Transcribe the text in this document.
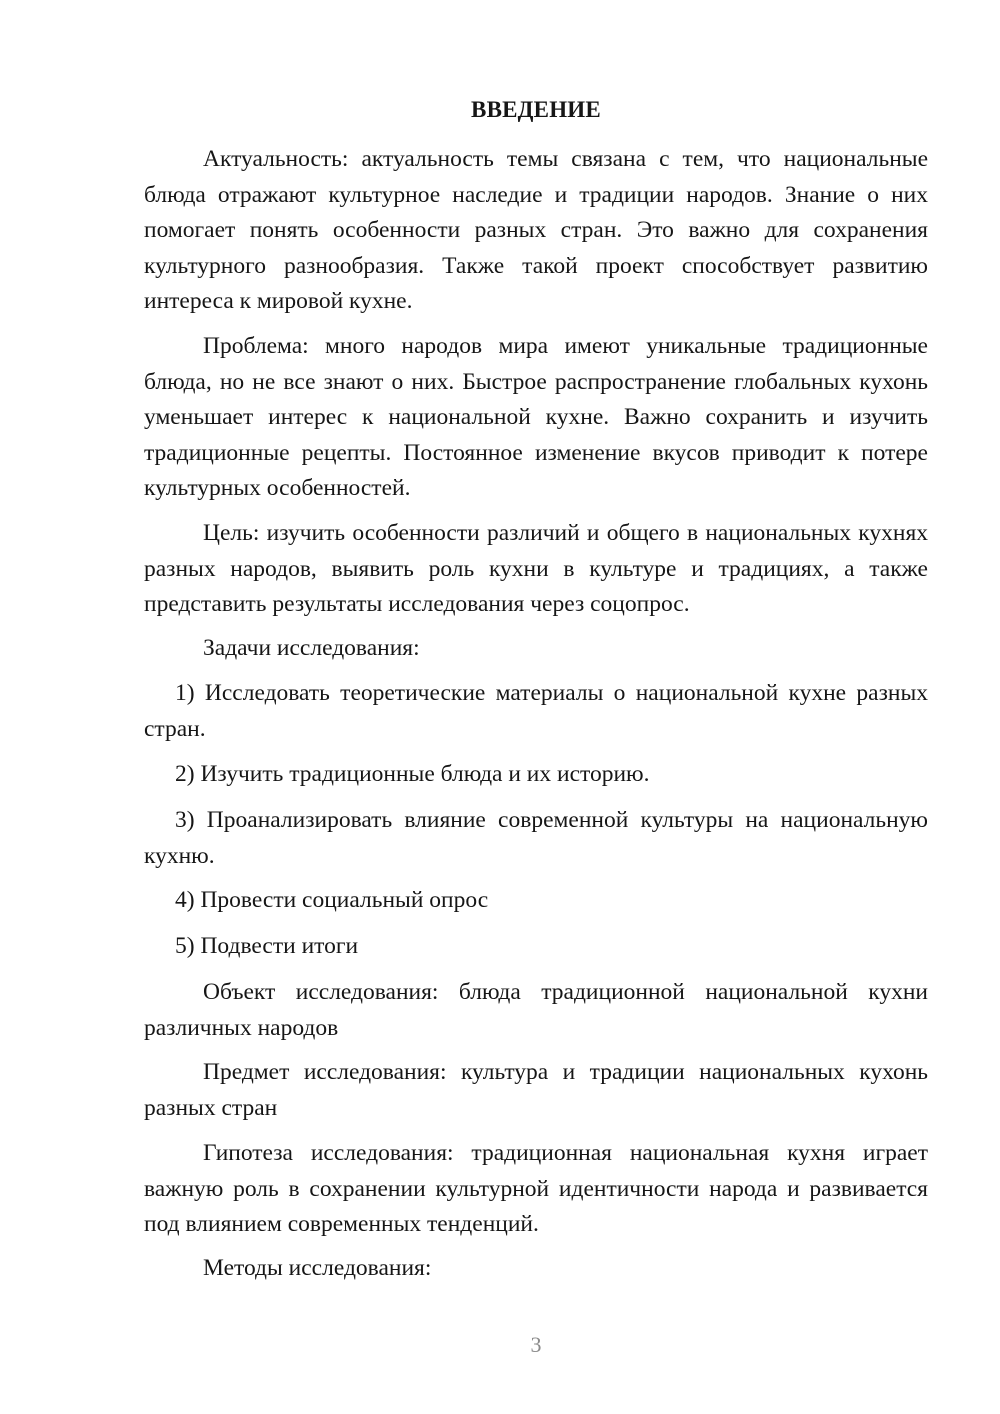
ВВЕДЕНИЕ

Актуальность: актуальность темы связана с тем, что национальные блюда отражают культурное наследие и традиции народов. Знание о них помогает понять особенности разных стран. Это важно для сохранения культурного разнообразия. Также такой проект способствует развитию интереса к мировой кухне.

Проблема: много народов мира имеют уникальные традиционные блюда, но не все знают о них. Быстрое распространение глобальных кухонь уменьшает интерес к национальной кухне. Важно сохранить и изучить традиционные рецепты. Постоянное изменение вкусов приводит к потере культурных особенностей.

Цель: изучить особенности различий и общего в национальных кухнях разных народов, выявить роль кухни в культуре и традициях, а также представить результаты исследования через соцопрос.

Задачи исследования:

1) Исследовать теоретические материалы о национальной кухне разных стран.

2) Изучить традиционные блюда и их историю.

3) Проанализировать влияние современной культуры на национальную кухню.

4) Провести социальный опрос

5) Подвести итоги

Объект исследования: блюда традиционной национальной кухни различных народов

Предмет исследования: культура и традиции национальных кухонь разных стран

Гипотеза исследования: традиционная национальная кухня играет важную роль в сохранении культурной идентичности народа и развивается под влиянием современных тенденций.

Методы исследования:

3
